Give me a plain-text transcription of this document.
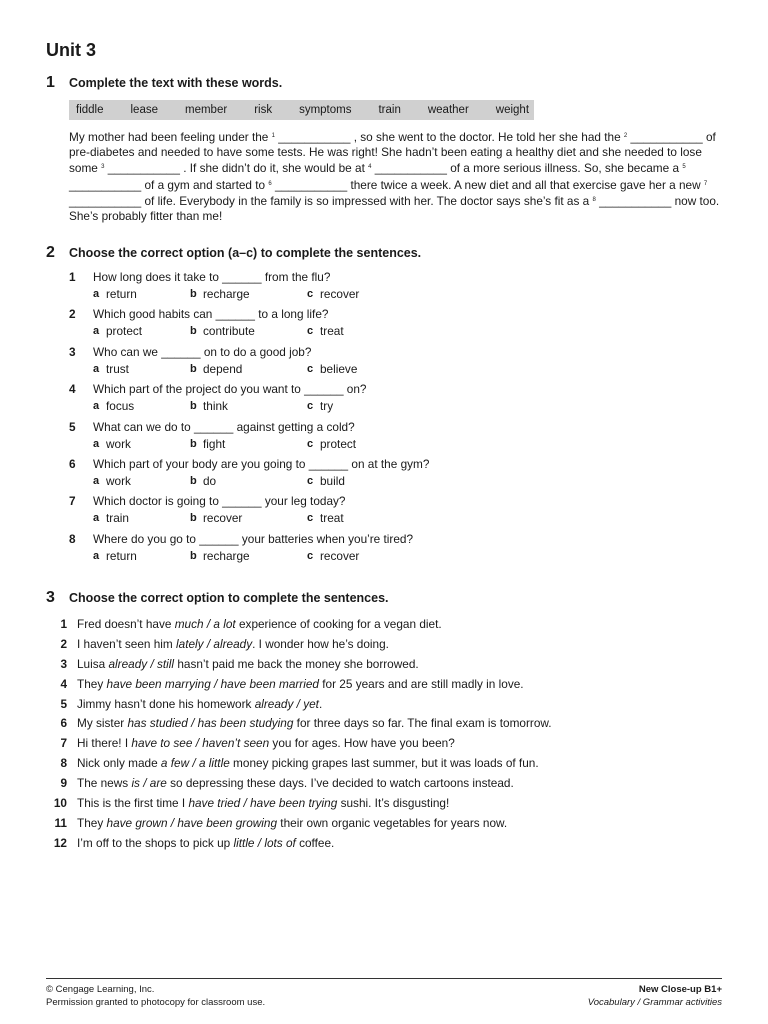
Unit 3
1	Complete the text with these words.
fiddle lease member risk symptoms train weather weight
My mother had been feeling under the $^1$ ___________ , so she went to the doctor. He told her she had the $^2$ ___________ of pre-diabetes and needed to have some tests. He was right! She hadn’t been eating a healthy diet and she needed to lose some $^3$ ___________ . If she didn’t do it, she would be at $^4$ ___________ of a more serious illness. So, she became a $^5$ ___________ of a gym and started to $^6$ ___________ there twice a week. A new diet and all that exercise gave her a new $^7$ ___________ of life. Everybody in the family is so impressed with her. The doctor says she’s fit as a $^8$ ___________ now too. She’s probably fitter than me!
2	Choose the correct option (a–c) to complete the sentences.
1	How long does it take to ______ from the flu?
a return	b recharge	c recover
2	Which good habits can ______ to a long life?
a protect	b contribute	c treat
3	Who can we ______ on to do a good job?
a trust	b depend	c believe
4	Which part of the project do you want to ______ on?
a focus	b think	c try
5	What can we do to ______ against getting a cold?
a work	b fight	c protect
6	Which part of your body are you going to ______ on at the gym?
a work	b do	c build
7	Which doctor is going to ______ your leg today?
a train	b recover	c treat
8	Where do you go to ______ your batteries when you’re tired?
a return	b recharge	c recover
3	Choose the correct option to complete the sentences.
1 Fred doesn’t have much / a lot experience of cooking for a vegan diet.
2 I haven’t seen him lately / already. I wonder how he’s doing.
3 Luisa already / still hasn’t paid me back the money she borrowed.
4 They have been marrying / have been married for 25 years and are still madly in love.
5 Jimmy hasn’t done his homework already / yet.
6 My sister has studied / has been studying for three days so far. The final exam is tomorrow.
7 Hi there! I have to see / haven’t seen you for ages. How have you been?
8 Nick only made a few / a little money picking grapes last summer, but it was loads of fun.
9 The news is / are so depressing these days. I’ve decided to watch cartoons instead.
10 This is the first time I have tried / have been trying sushi. It’s disgusting!
11 They have grown / have been growing their own organic vegetables for years now.
12 I’m off to the shops to pick up little / lots of coffee.
© Cengage Learning, Inc.
Permission granted to photocopy for classroom use.
New Close-up B1+
Vocabulary / Grammar activities
